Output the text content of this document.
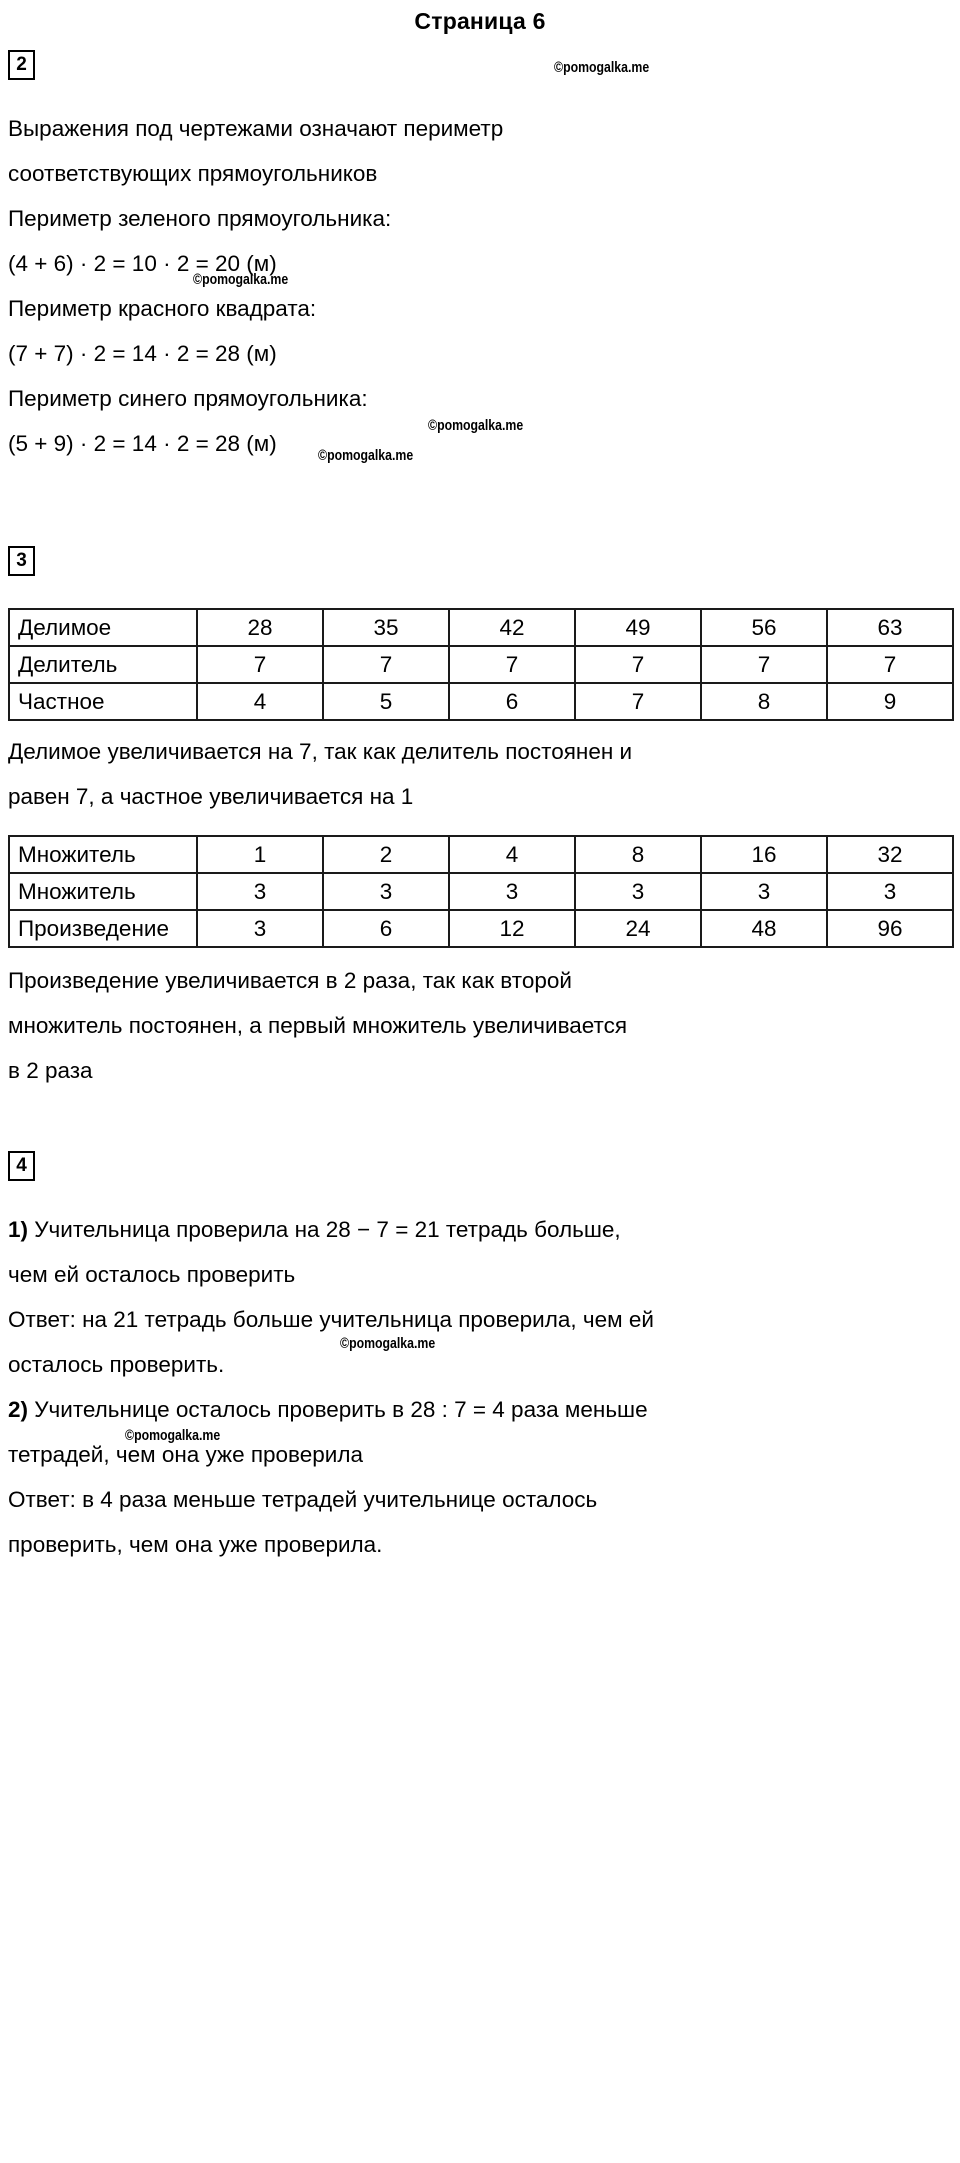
Страница 6
2

Выражения под чертежами означают периметр

соответствующих прямоугольников

Периметр зеленого прямоугольника:

(4 + 6) · 2 = 10 · 2 = 20 (м)

Периметр красного квадрата:

(7 + 7) · 2 = 14 · 2 = 28 (м)

Периметр синего прямоугольника:

(5 + 9) · 2 = 14 · 2 = 28 (м)

3
Делимое	28	35	42	49	56	63
Делитель	7	7	7	7	7	7
Частное	4	5	6	7	8	9

Делимое увеличивается на 7, так как делитель постоянен и

равен 7, а частное увеличивается на 1

Множитель	1	2	4	8	16	32
Множитель	3	3	3	3	3	3
Произведение	3	6	12	24	48	96

Произведение увеличивается в 2 раза, так как второй

множитель постоянен, а первый множитель увеличивается

в 2 раза

4

1) Учительница проверила на 28 − 7 = 21 тетрадь больше,

чем ей осталось проверить

Ответ: на 21 тетрадь больше учительница проверила, чем ей

осталось проверить.

2) Учительнице осталось проверить в 28 : 7 = 4 раза меньше

тетрадей, чем она уже проверила

Ответ: в 4 раза меньше тетрадей учительнице осталось

проверить, чем она уже проверила.

©pomogalka.me
©pomogalka.me
©pomogalka.me
©pomogalka.me
©pomogalka.me
©pomogalka.me
